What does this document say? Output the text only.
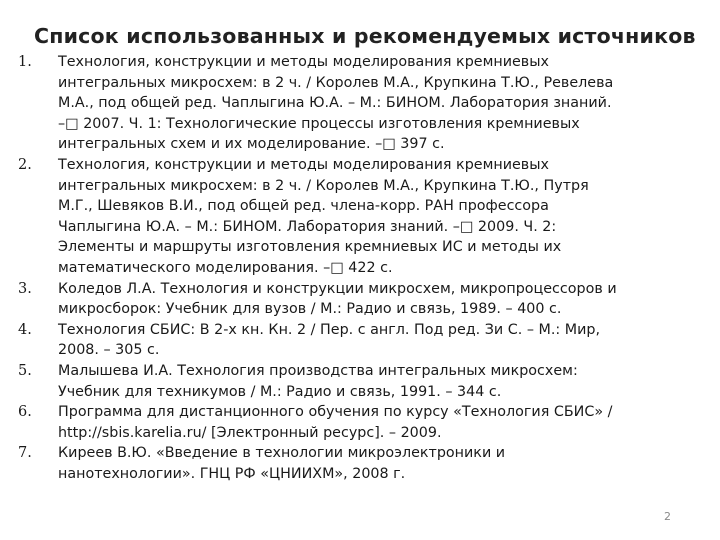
Список использованных и рекомендуемых источников
1.	Технология, конструкции и методы моделирования кремниевых
интегральных микросхем: в 2 ч. / Королев М.А., Крупкина Т.Ю., Ревелева
М.А., под общей ред. Чаплыгина Ю.А. – М.: БИНОМ. Лаборатория знаний.
–□ 2007. Ч. 1: Технологические процессы изготовления кремниевых
интегральных схем и их моделирование. –□ 397 с.
2.	Технология, конструкции и методы моделирования кремниевых
интегральных микросхем: в 2 ч. / Королев М.А., Крупкина Т.Ю., Путря
М.Г., Шевяков В.И., под общей ред. члена-корр. РАН профессора
Чаплыгина Ю.А. – М.: БИНОМ. Лаборатория знаний. –□ 2009. Ч. 2:
Элементы и маршруты изготовления кремниевых ИС и методы их
математического моделирования. –□ 422 с.
3.	Коледов Л.А. Технология и конструкции микросхем, микропроцессоров и
микросборок: Учебник для вузов / М.: Радио и связь, 1989. – 400 с.
4.	Технология СБИС: В 2-х кн. Кн. 2 / Пер. с англ. Под ред. Зи С. – М.: Мир,
2008. – 305 с.
5.	Малышева И.А. Технология производства интегральных микросхем:
Учебник для техникумов / М.: Радио и связь, 1991. – 344 с.
6.	Программа для дистанционного обучения по курсу «Технология СБИС» /
http://sbis.karelia.ru/ [Электронный ресурс]. – 2009.
7.	Киреев В.Ю. «Введение в технологии микроэлектроники и
нанотехнологии». ГНЦ РФ «ЦНИИХМ», 2008 г.
2
